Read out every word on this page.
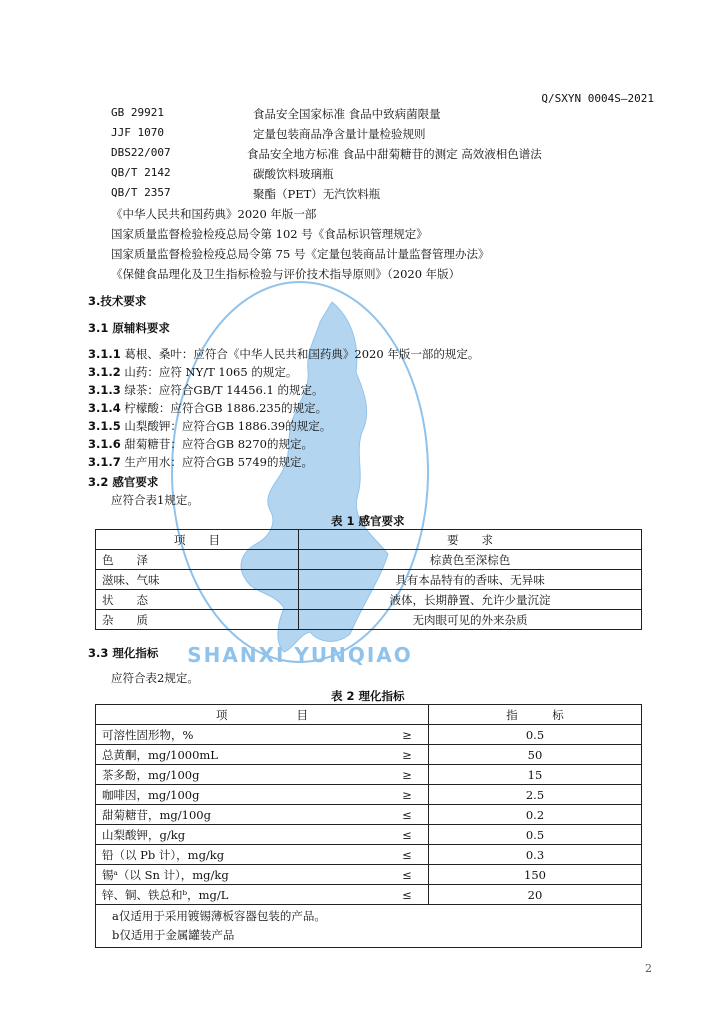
Q/SXYN 0004S—2021
SHANXI YUNQIAO
GB 29921	食品安全国家标准 食品中致病菌限量
JJF 1070	定量包装商品净含量计量检验规则
DBS22/007	食品安全地方标准 食品中甜菊糖苷的测定 高效液相色谱法
QB/T 2142	碳酸饮料玻璃瓶
QB/T 2357	聚酯（PET）无汽饮料瓶
《中华人民共和国药典》2020 年版一部
国家质量监督检验检疫总局令第 102 号《食品标识管理规定》
国家质量监督检验检疫总局令第 75 号《定量包装商品计量监督管理办法》
《保健食品理化及卫生指标检验与评价技术指导原则》（2020 年版）
3.技术要求
3.1 原辅料要求
3.1.1 葛根、桑叶：应符合《中华人民共和国药典》2020 年版一部的规定。
3.1.2 山药：应符 NY/T 1065 的规定。
3.1.3 绿茶：应符合GB/T 14456.1 的规定。
3.1.4 柠檬酸：应符合GB 1886.235的规定。
3.1.5 山梨酸钾：应符合GB 1886.39的规定。
3.1.6 甜菊糖苷：应符合GB 8270的规定。
3.1.7 生产用水：应符合GB 5749的规定。
3.2 感官要求
应符合表1规定。
表 1 感官要求
项　　目	要　　求
色　　泽	棕黄色至深棕色
滋味、气味	具有本品特有的香味、无异味
状　　态	液体，长期静置、允许少量沉淀
杂　　质	无肉眼可见的外来杂质
3.3 理化指标
应符合表2规定。
表 2 理化指标
项　　　　　　目		指　　　标
可溶性固形物，%	≥	0.5
总黄酮，mg/1000mL	≥	50
茶多酚，mg/100g	≥	15
咖啡因，mg/100g	≥	2.5
甜菊糖苷，mg/100g	≤	0.2
山梨酸钾，g/kg	≤	0.5
铅（以 Pb 计），mg/kg	≤	0.3
锡ᵃ（以 Sn 计），mg/kg	≤	150
锌、铜、铁总和ᵇ，mg/L	≤	20

a仅适用于采用镀锡薄板容器包装的产品。
b仅适用于金属罐装产品		
2
